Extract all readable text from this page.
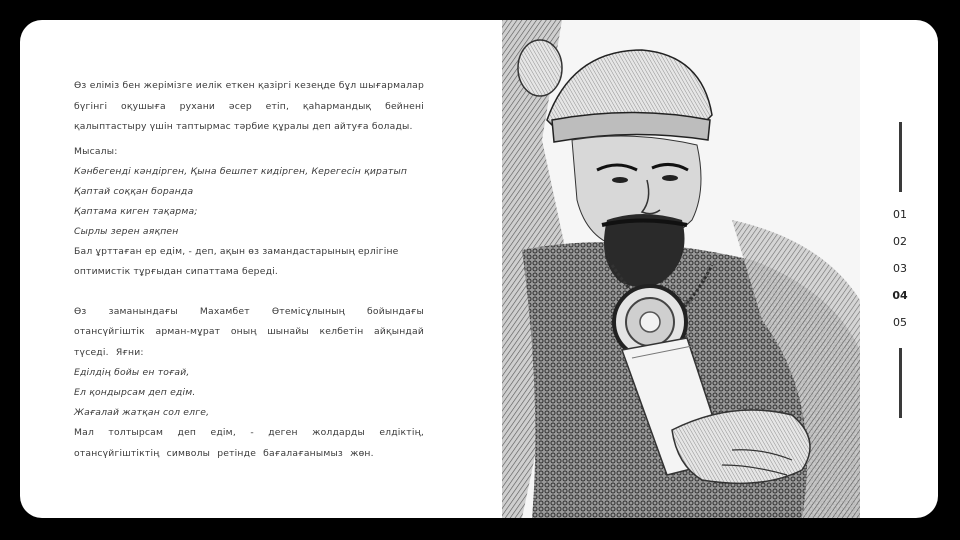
Өз еліміз бен жерімізге иелік еткен қазіргі кезеңде бұл шығармалар бүгінгі оқушыға рухани әсер етіп, қаһармандық бейнені қалыптастыру үшін таптырмас тәрбие құралы деп айтуға болады.

Мысалы:
Кәнбегенді кәндірген, Қына бешпет кидірген, Керегесін қиратып
Қаптай соққан боранда
Қаптама киген тақарма;
Сырлы зерен аяқпен
Бал ұрттаған ер едім, - деп, ақын өз замандастарының ерлігіне
оптимистік тұрғыдан сипаттама береді.

Өз заманындағы Махамбет Өтемісұлының бойындағы отансүйгіштік арман-мұрат оның шынайы келбетін айқындай түседі. Яғни:

Еділдің бойы ен тоғай,
Ел қондырсам деп едім.
Жағалай жатқан сол елге,

Мал толтырсам деп едім, - деген жолдарды елдіктің, отансүйгіштіктің символы ретінде бағалағанымыз жөн.

01
02
03
04
05
